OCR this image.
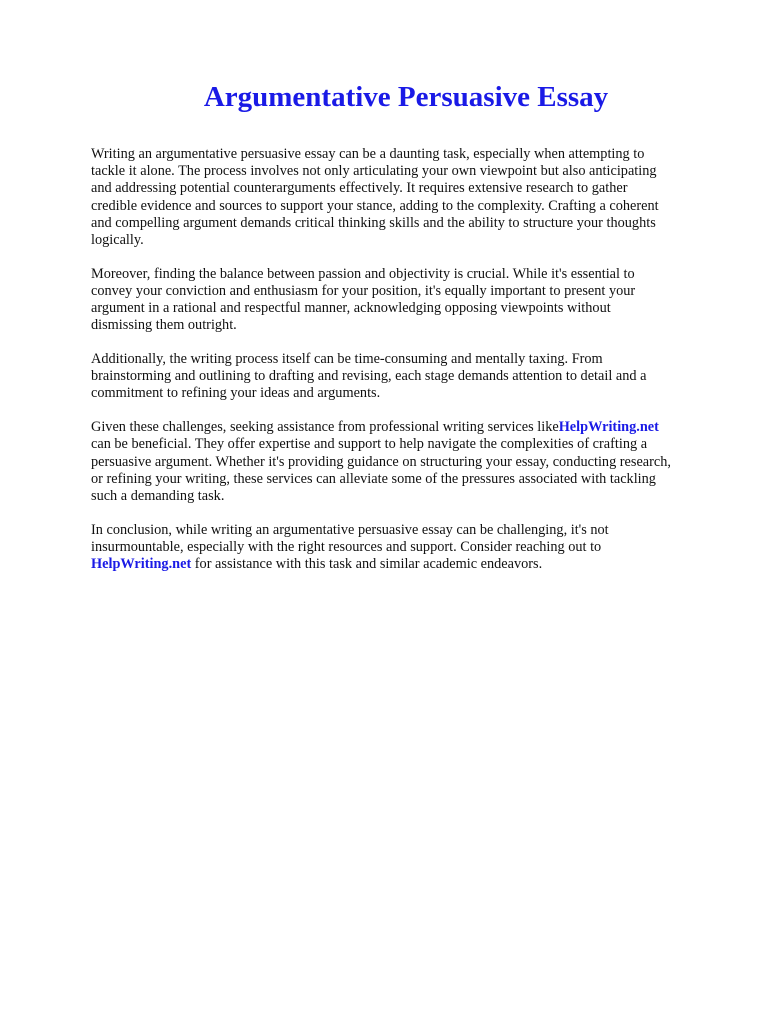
Argumentative Persuasive Essay

Writing an argumentative persuasive essay can be a daunting task, especially when attempting to
tackle it alone. The process involves not only articulating your own viewpoint but also anticipating
and addressing potential counterarguments effectively. It requires extensive research to gather
credible evidence and sources to support your stance, adding to the complexity. Crafting a coherent
and compelling argument demands critical thinking skills and the ability to structure your thoughts
logically.

Moreover, finding the balance between passion and objectivity is crucial. While it's essential to
convey your conviction and enthusiasm for your position, it's equally important to present your
argument in a rational and respectful manner, acknowledging opposing viewpoints without
dismissing them outright.

Additionally, the writing process itself can be time-consuming and mentally taxing. From
brainstorming and outlining to drafting and revising, each stage demands attention to detail and a
commitment to refining your ideas and arguments.

Given these challenges, seeking assistance from professional writing services likeHelpWriting.net
can be beneficial. They offer expertise and support to help navigate the complexities of crafting a
persuasive argument. Whether it's providing guidance on structuring your essay, conducting research,
or refining your writing, these services can alleviate some of the pressures associated with tackling
such a demanding task.

In conclusion, while writing an argumentative persuasive essay can be challenging, it's not
insurmountable, especially with the right resources and support. Consider reaching out to
HelpWriting.net for assistance with this task and similar academic endeavors.
